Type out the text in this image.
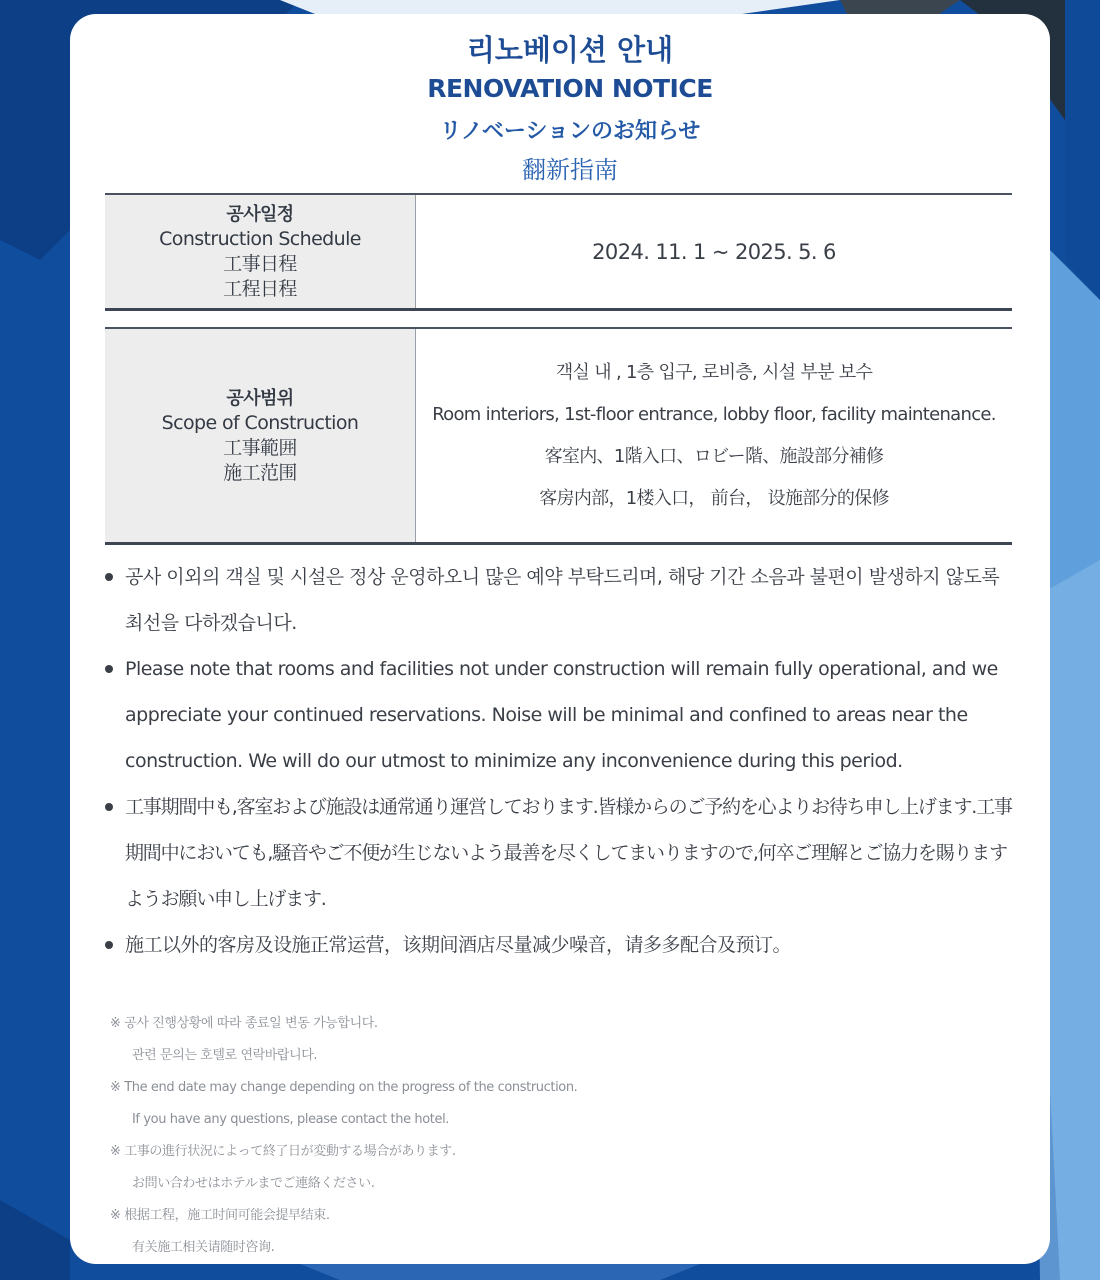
리노베이션 안내
RENOVATION NOTICE
リノベーションのお知らせ
翻新指南
공사일정
Construction Schedule
工事日程
工程日程
2024. 11. 1 ~ 2025. 5. 6
공사범위
Scope of Construction
工事範囲
施工范围
객실 내 , 1층 입구, 로비층, 시설 부분 보수
Room interiors, 1st-floor entrance, lobby floor, facility maintenance.
客室内、1階入口、ロビー階、施設部分補修
客房内部，1楼入口， 前台， 设施部分的保修
공사 이외의 객실 및 시설은 정상 운영하오니 많은 예약 부탁드리며, 해당 기간 소음과 불편이 발생하지 않도록 최선을 다하겠습니다.
Please note that rooms and facilities not under construction will remain fully operational, and we appreciate your continued reservations. Noise will be minimal and confined to areas near the construction. We will do our utmost to minimize any inconvenience during this period.
工事期間中も,客室および施設は通常通り運営しております.皆様からのご予約を心よりお待ち申し上げます.工事期間中においても,騒音やご不便が生じないよう最善を尽くしてまいりますので,何卒ご理解とご協力を賜りますようお願い申し上げます.
施工以外的客房及设施正常运营，该期间酒店尽量减少噪音，请多多配合及预订。
※ 공사 진행상황에 따라 종료일 변동 가능합니다.
관련 문의는 호텔로 연락바랍니다.
※ The end date may change depending on the progress of the construction.
If you have any questions, please contact the hotel.
※ 工事の進行状況によって終了日が変動する場合があります.
お問い合わせはホテルまでご連絡ください.
※ 根据工程，施工时间可能会提早结束.
有关施工相关请随时咨询.
